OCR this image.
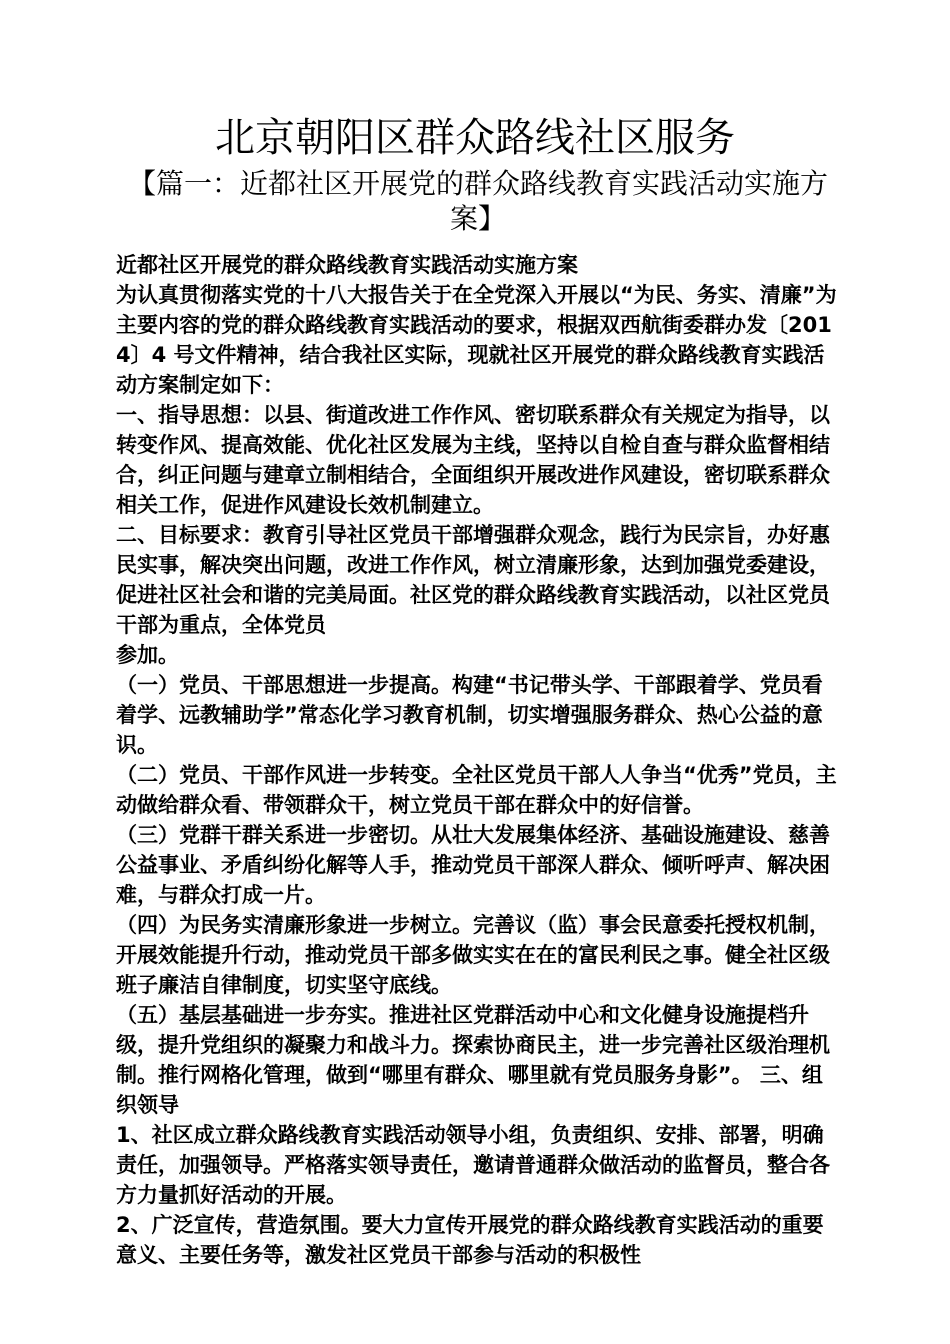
北京朝阳区群众路线社区服务
【篇一：近都社区开展党的群众路线教育实践活动实施方案】

近都社区开展党的群众路线教育实践活动实施方案

为认真贯彻落实党的十八大报告关于在全党深入开展以“为民、务实、清廉”为主要内容的党的群众路线教育实践活动的要求，根据双西航街委群办发〔2014〕4 号文件精神，结合我社区实际，现就社区开展党的群众路线教育实践活动方案制定如下：

一、指导思想：以县、街道改进工作作风、密切联系群众有关规定为指导，以转变作风、提高效能、优化社区发展为主线，坚持以自检自查与群众监督相结合，纠正问题与建章立制相结合，全面组织开展改进作风建设，密切联系群众相关工作，促进作风建设长效机制建立。

二、目标要求：教育引导社区党员干部增强群众观念，践行为民宗旨，办好惠民实事，解决突出问题，改进工作作风，树立清廉形象，达到加强党委建设，促进社区社会和谐的完美局面。社区党的群众路线教育实践活动，以社区党员干部为重点，全体党员

参加。

（一）党员、干部思想进一步提高。构建“书记带头学、干部跟着学、党员看着学、远教辅助学”常态化学习教育机制，切实增强服务群众、热心公益的意识。

（二）党员、干部作风进一步转变。全社区党员干部人人争当“优秀”党员，主动做给群众看、带领群众干，树立党员干部在群众中的好信誉。

（三）党群干群关系进一步密切。从壮大发展集体经济、基础设施建设、慈善公益事业、矛盾纠纷化解等人手，推动党员干部深人群众、倾听呼声、解决困难，与群众打成一片。

（四）为民务实清廉形象进一步树立。完善议（监）事会民意委托授权机制，开展效能提升行动，推动党员干部多做实实在在的富民利民之事。健全社区级班子廉洁自律制度，切实坚守底线。

（五）基层基础进一步夯实。推进社区党群活动中心和文化健身设施提档升级，提升党组织的凝聚力和战斗力。探索协商民主，进一步完善社区级治理机制。推行网格化管理，做到“哪里有群众、哪里就有党员服务身影”。 三、组织领导

1、社区成立群众路线教育实践活动领导小组，负责组织、安排、部署，明确责任，加强领导。严格落实领导责任，邀请普通群众做活动的监督员，整合各方力量抓好活动的开展。

2、广泛宣传，营造氛围。要大力宣传开展党的群众路线教育实践活动的重要意义、主要任务等，激发社区党员干部参与活动的积极性
